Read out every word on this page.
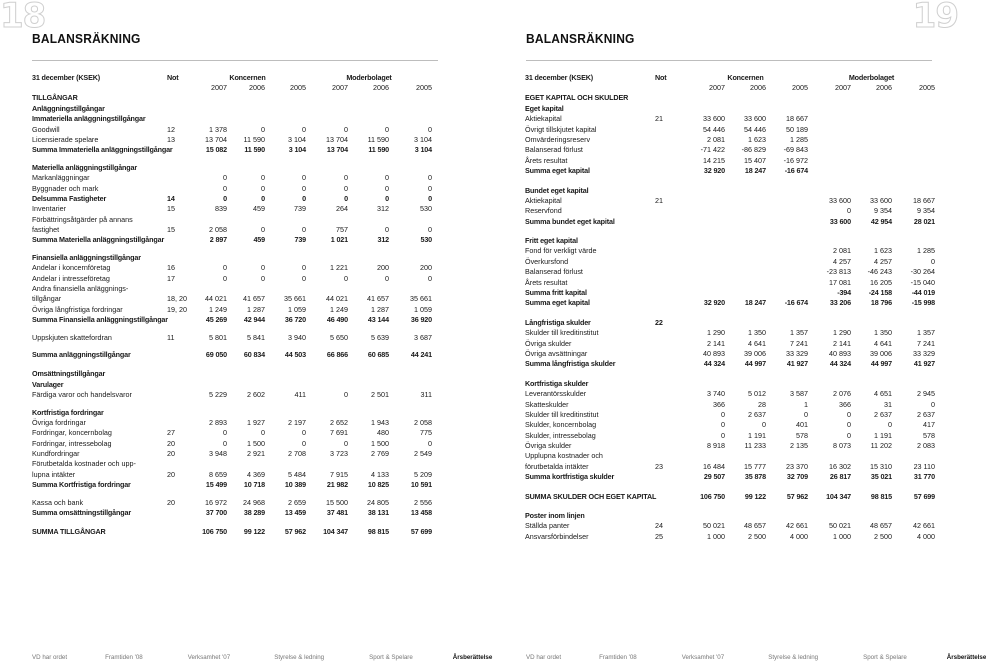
18
BALANSRÄKNING
31 december (KSEK)	Not	Koncernen			Moderbolaget		
		2007	2006	2005	2007	2006	2005
TILLGÅNGAR							
Anläggningstillgångar							
Immateriella anläggningstillgångar							
Goodwill	12	1 378	0	0	0	0	0
Licensierade spelare	13	13 704	11 590	3 104	13 704	11 590	3 104
Summa Immateriella anläggningstillgångar		15 082	11 590	3 104	13 704	11 590	3 104

Materiella anläggningstillgångar							
Markanläggningar		0	0	0	0	0	0
Byggnader och mark		0	0	0	0	0	0
Delsumma Fastigheter	14	0	0	0	0	0	0
Inventarier	15	839	459	739	264	312	530
Förbättringsåtgärder på annans							
fastighet	15	2 058	0	0	757	0	0
Summa Materiella anläggningstillgångar		2 897	459	739	1 021	312	530

Finansiella anläggningstillgångar							
Andelar i koncernföretag	16	0	0	0	1 221	200	200
Andelar i intresseföretag	17	0	0	0	0	0	0
Andra finansiella anläggnings-							
tillgångar	18, 20	44 021	41 657	35 661	44 021	41 657	35 661
Övriga långfristiga fordringar	19, 20	1 249	1 287	1 059	1 249	1 287	1 059
Summa Finansiella anläggningstillgångar		45 269	42 944	36 720	46 490	43 144	36 920

Uppskjuten skattefordran	11	5 801	5 841	3 940	5 650	5 639	3 687

Summa anläggningstillgångar		69 050	60 834	44 503	66 866	60 685	44 241

Omsättningstillgångar							
Varulager							
Färdiga varor och handelsvaror		5 229	2 602	411	0	2 501	311

Kortfristiga fordringar							
Övriga fordringar		2 893	1 927	2 197	2 652	1 943	2 058
Fordringar, koncernbolag	27	0	0	0	7 691	480	775
Fordringar, intressebolag	20	0	1 500	0	0	1 500	0
Kundfordringar	20	3 948	2 921	2 708	3 723	2 769	2 549
Förutbetalda kostnader och upp-							
lupna intäkter	20	8 659	4 369	5 484	7 915	4 133	5 209
Summa Kortfristiga fordringar		15 499	10 718	10 389	21 982	10 825	10 591

Kassa och bank	20	16 972	24 968	2 659	15 500	24 805	2 556
Summa omsättningstillgångar		37 700	38 289	13 459	37 481	38 131	13 458

SUMMA TILLGÅNGAR		106 750	99 122	57 962	104 347	98 815	57 699
VD har ordet	Framtiden '08	Verksamhet '07	Styrelse & ledning	Sport & Spelare	Årsberättelse
19
BALANSRÄKNING
31 december (KSEK)	Not	Koncernen			Moderbolaget		
		2007	2006	2005	2007	2006	2005
EGET KAPITAL OCH SKULDER							
Eget kapital							
Aktiekapital	21	33 600	33 600	18 667			
Övrigt tillskjutet kapital		54 446	54 446	50 189			
Omvärderingsreserv		2 081	1 623	1 285			
Balanserad förlust		-71 422	-86 829	-69 843			
Årets resultat		14 215	15 407	-16 972			
Summa eget kapital		32 920	18 247	-16 674			

Bundet eget kapital							
Aktiekapital	21				33 600	33 600	18 667
Reservfond					0	9 354	9 354
Summa bundet eget kapital					33 600	42 954	28 021

Fritt eget kapital							
Fond för verkligt värde					2 081	1 623	1 285
Överkursfond					4 257	4 257	0
Balanserad förlust					-23 813	-46 243	-30 264
Årets resultat					17 081	16 205	-15 040
Summa fritt kapital					-394	-24 158	-44 019
Summa eget kapital		32 920	18 247	-16 674	33 206	18 796	-15 998

Långfristiga skulder	22						
Skulder till kreditinstitut		1 290	1 350	1 357	1 290	1 350	1 357
Övriga skulder		2 141	4 641	7 241	2 141	4 641	7 241
Övriga avsättningar		40 893	39 006	33 329	40 893	39 006	33 329
Summa långfristiga skulder		44 324	44 997	41 927	44 324	44 997	41 927

Kortfristiga skulder							
Leverantörsskulder		3 740	5 012	3 587	2 076	4 651	2 945
Skatteskulder		366	28	1	366	31	0
Skulder till kreditinstitut		0	2 637	0	0	2 637	2 637
Skulder, koncernbolag		0	0	401	0	0	417
Skulder, intressebolag		0	1 191	578	0	1 191	578
Övriga skulder		8 918	11 233	2 135	8 073	11 202	2 083
Upplupna kostnader och							
förutbetalda intäkter	23	16 484	15 777	23 370	16 302	15 310	23 110
Summa kortfristiga skulder		29 507	35 878	32 709	26 817	35 021	31 770

SUMMA SKULDER OCH EGET KAPITAL		106 750	99 122	57 962	104 347	98 815	57 699

Poster inom linjen							
Ställda panter	24	50 021	48 657	42 661	50 021	48 657	42 661
Ansvarsförbindelser	25	1 000	2 500	4 000	1 000	2 500	4 000
VD har ordet	Framtiden '08	Verksamhet '07	Styrelse & ledning	Sport & Spelare	Årsberättelse
